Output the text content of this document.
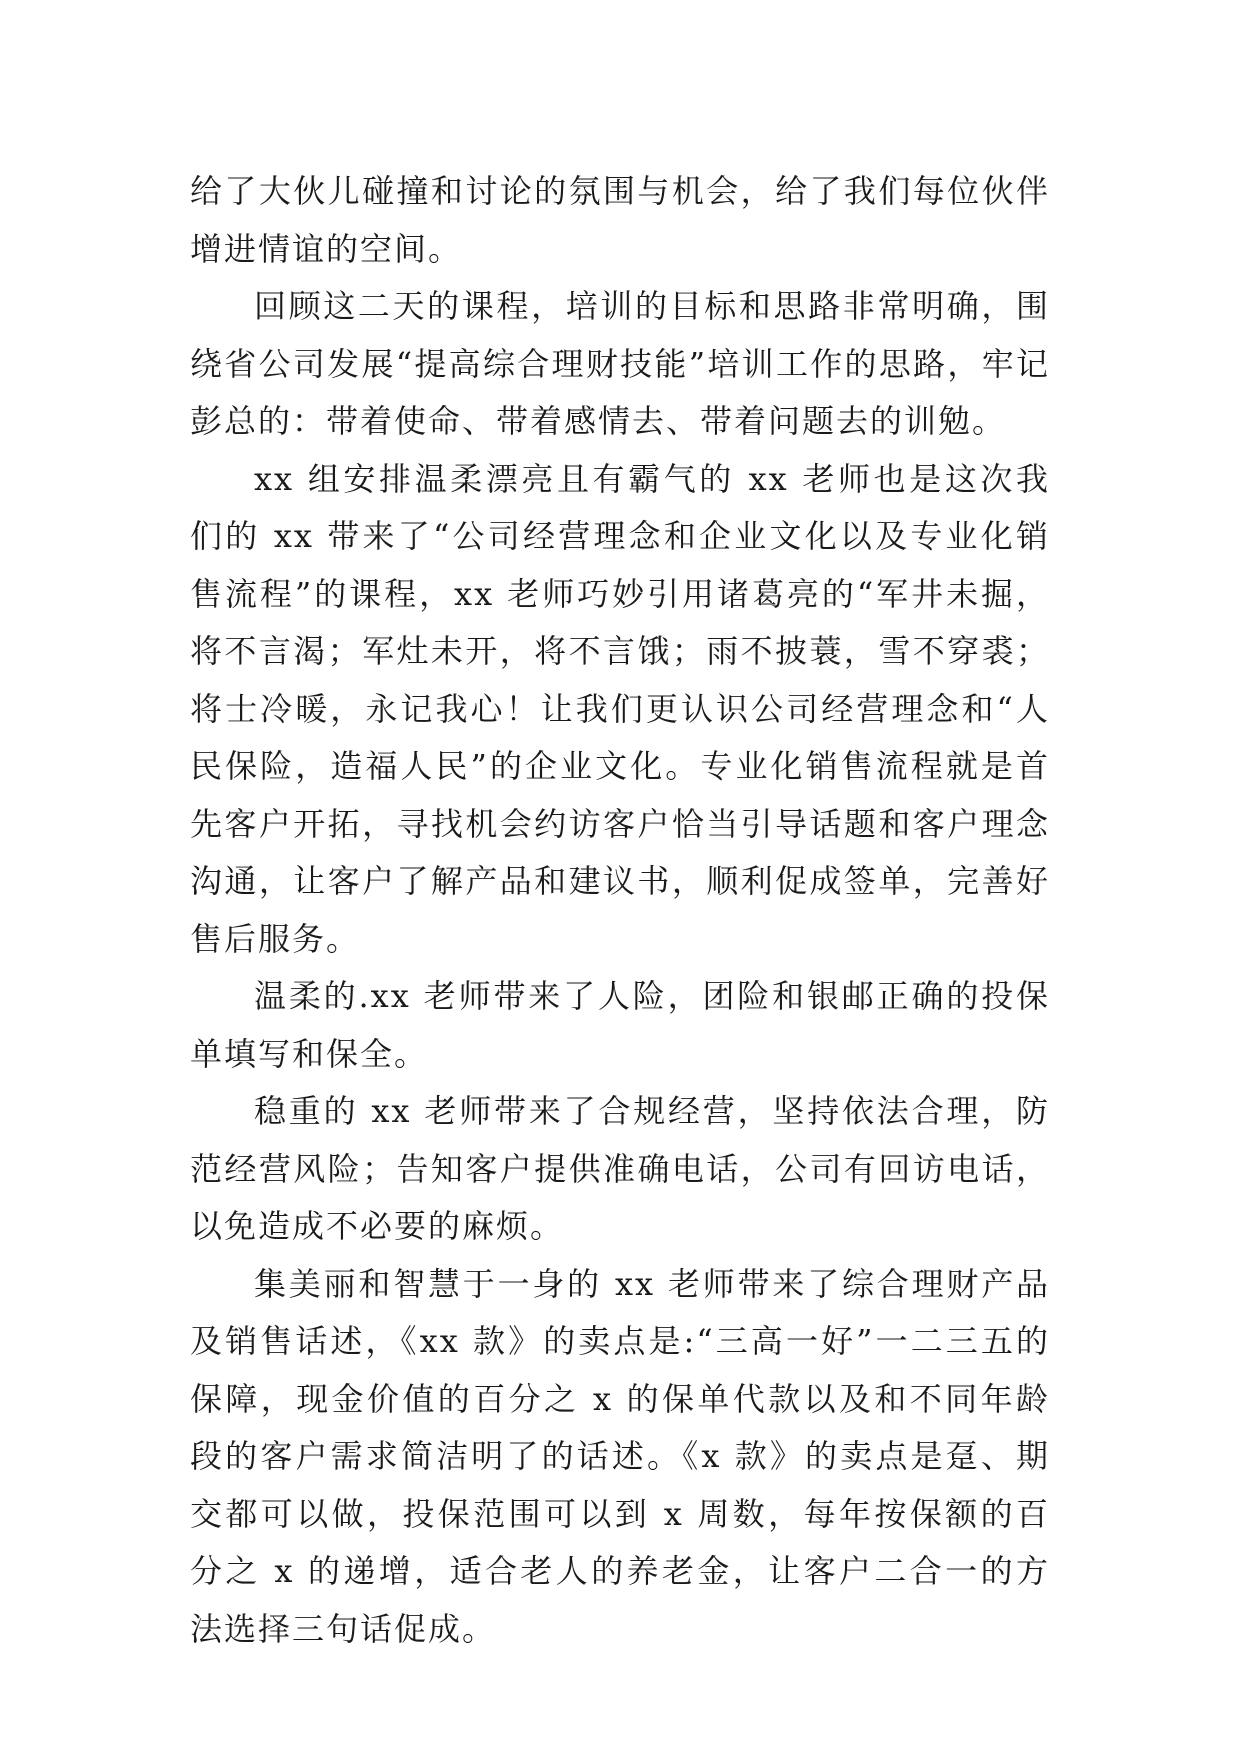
给了大伙儿碰撞和讨论的氛围与机会，给了我们每位伙伴增进情谊的空间。

回顾这二天的课程，培训的目标和思路非常明确，围绕省公司发展“提高综合理财技能”培训工作的思路，牢记彭总的：带着使命、带着感情去、带着问题去的训勉。

xx 组安排温柔漂亮且有霸气的 xx 老师也是这次我们的 xx 带来了“公司经营理念和企业文化以及专业化销售流程”的课程，xx 老师巧妙引用诸葛亮的“军井未掘，将不言渴；军灶未开，将不言饿；雨不披蓑，雪不穿裘；将士冷暖，永记我心！让我们更认识公司经营理念和“人民保险，造福人民”的企业文化。专业化销售流程就是首先客户开拓，寻找机会约访客户恰当引导话题和客户理念沟通，让客户了解产品和建议书，顺利促成签单，完善好售后服务。

温柔的.xx 老师带来了人险，团险和银邮正确的投保单填写和保全。

稳重的 xx 老师带来了合规经营，坚持依法合理，防范经营风险；告知客户提供准确电话，公司有回访电话，以免造成不必要的麻烦。

集美丽和智慧于一身的 xx 老师带来了综合理财产品及销售话述，《xx 款》的卖点是:“三高一好”一二三五的保障，现金价值的百分之 x 的保单代款以及和不同年龄段的客户需求简洁明了的话述。《x 款》的卖点是趸、期交都可以做，投保范围可以到 x 周数，每年按保额的百分之 x 的递增，适合老人的养老金，让客户二合一的方法选择三句话促成。
